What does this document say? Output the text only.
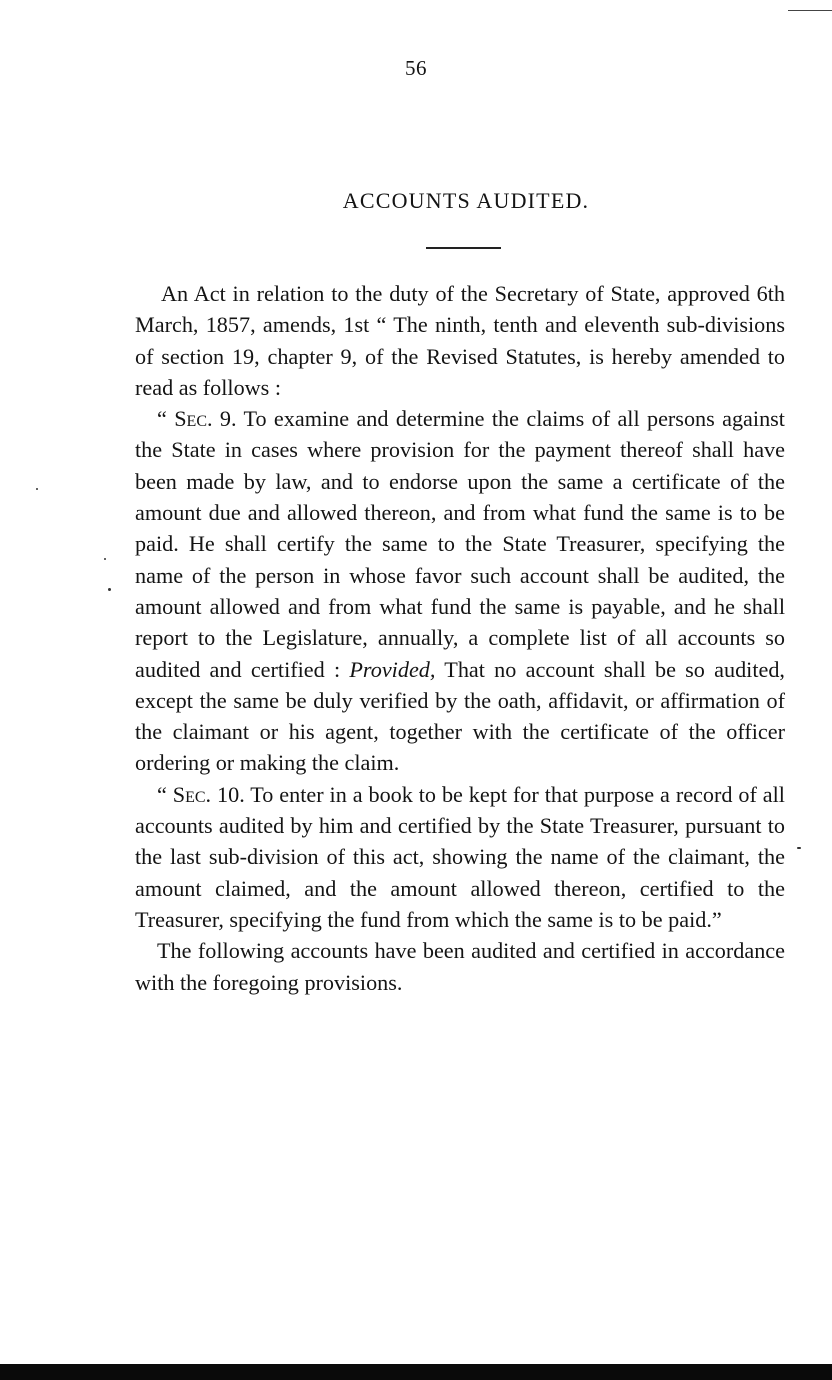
56
ACCOUNTS AUDITED.

An Act in relation to the duty of the Secretary of State, approved 6th March, 1857, amends, 1st “ The ninth, tenth and eleventh sub-divisions of section 19, chapter 9, of the Revised Statutes, is hereby amended to read as follows :

“ Sec. 9. To examine and determine the claims of all persons against the State in cases where provision for the payment thereof shall have been made by law, and to endorse upon the same a certificate of the amount due and allowed thereon, and from what fund the same is to be paid. He shall certify the same to the State Treasurer, specifying the name of the person in whose favor such account shall be audited, the amount allowed and from what fund the same is payable, and he shall report to the Legislature, annually, a complete list of all accounts so audited and certified : Provided, That no account shall be so audited, except the same be duly verified by the oath, affidavit, or affirmation of the claimant or his agent, together with the certificate of the officer ordering or making the claim.

“ Sec. 10. To enter in a book to be kept for that purpose a record of all accounts audited by him and certified by the State Treasurer, pursuant to the last sub-division of this act, showing the name of the claimant, the amount claimed, and the amount allowed thereon, certified to the Treasurer, specifying the fund from which the same is to be paid.”

The following accounts have been audited and certified in accordance with the foregoing provisions.
